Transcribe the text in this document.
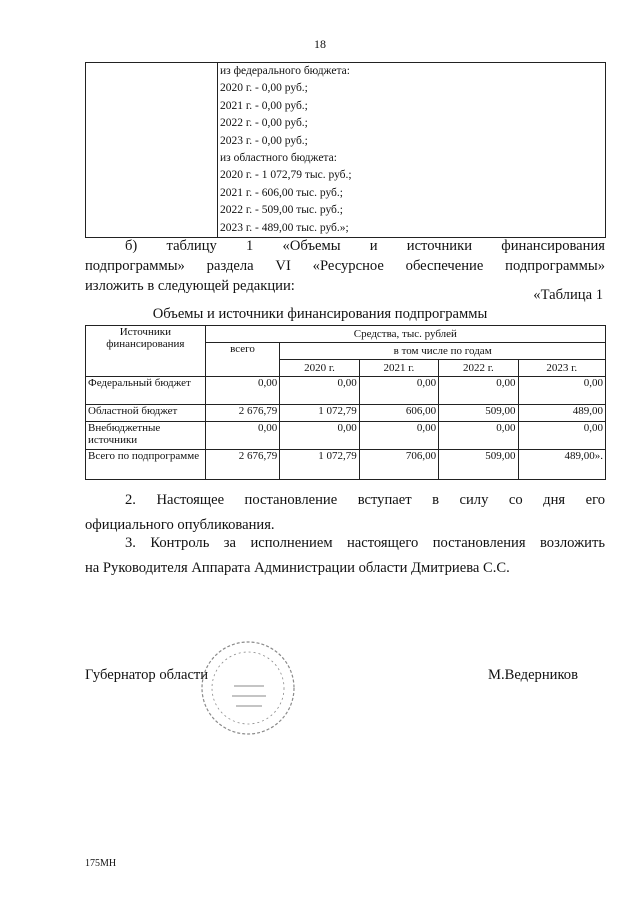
18

из федерального бюджета:
2020 г. - 0,00 руб.;
2021 г. - 0,00 руб.;
2022 г. - 0,00 руб.;
2023 г. - 0,00 руб.;
из областного бюджета:
2020 г. - 1 072,79 тыс. руб.;
2021 г. - 606,00 тыс. руб.;
2022 г. - 509,00 тыс. руб.;
2023 г. - 489,00 тыс. руб.»;
б) таблицу 1 «Объемы и источники финансирования
подпрограммы» раздела VI «Ресурсное обеспечение подпрограммы»
изложить в следующей редакции:
«Таблица 1
Объемы и источники финансирования подпрограммы
Источники финансирования	Средства, тыс. рублей				
	всего	в том числе по годам			
		2020 г.	2021 г.	2022 г.	2023 г.
Федеральный бюджет	0,00	0,00	0,00	0,00	0,00
Областной бюджет	2 676,79	1 072,79	606,00	509,00	489,00
Внебюджетные источники	0,00	0,00	0,00	0,00	0,00
Всего по подпрограмме	2 676,79	1 072,79	706,00	509,00	489,00».
2. Настоящее постановление вступает в силу со дня его
официального опубликования.
3. Контроль за исполнением настоящего постановления возложить
на Руководителя Аппарата Администрации области Дмитриева С.С.
Губернатор области	М.Ведерников
175МН
